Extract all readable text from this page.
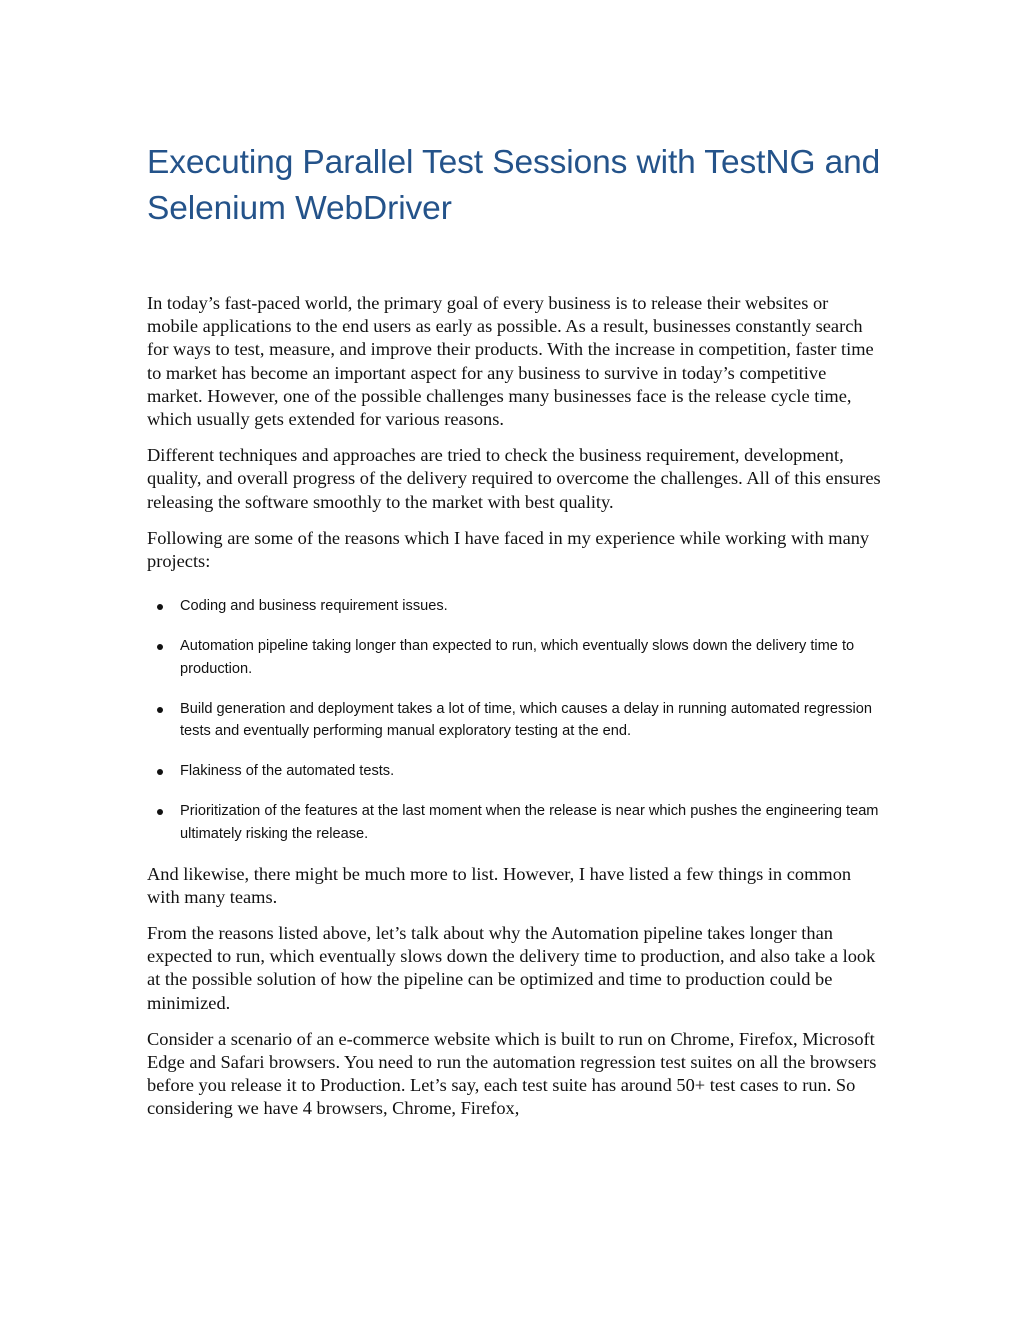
Executing Parallel Test Sessions with TestNG and Selenium WebDriver

In today’s fast-paced world, the primary goal of every business is to release their websites or mobile applications to the end users as early as possible. As a result, businesses constantly search for ways to test, measure, and improve their products. With the increase in competition, faster time to market has become an important aspect for any business to survive in today’s competitive market. However, one of the possible challenges many businesses face is the release cycle time, which usually gets extended for various reasons.

Different techniques and approaches are tried to check the business requirement, development, quality, and overall progress of the delivery required to overcome the challenges. All of this ensures releasing the software smoothly to the market with best quality.

Following are some of the reasons which I have faced in my experience while working with many projects:

Coding and business requirement issues.
Automation pipeline taking longer than expected to run, which eventually slows down the delivery time to production.
Build generation and deployment takes a lot of time, which causes a delay in running automated regression tests and eventually performing manual exploratory testing at the end.
Flakiness of the automated tests.
Prioritization of the features at the last moment when the release is near which pushes the engineering team ultimately risking the release.

And likewise, there might be much more to list. However, I have listed a few things in common with many teams.

From the reasons listed above, let’s talk about why the Automation pipeline takes longer than expected to run, which eventually slows down the delivery time to production, and also take a look at the possible solution of how the pipeline can be optimized and time to production could be minimized.

Consider a scenario of an e-commerce website which is built to run on Chrome, Firefox, Microsoft Edge and Safari browsers. You need to run the automation regression test suites on all the browsers before you release it to Production. Let’s say, each test suite has around 50+ test cases to run. So considering we have 4 browsers, Chrome, Firefox,
